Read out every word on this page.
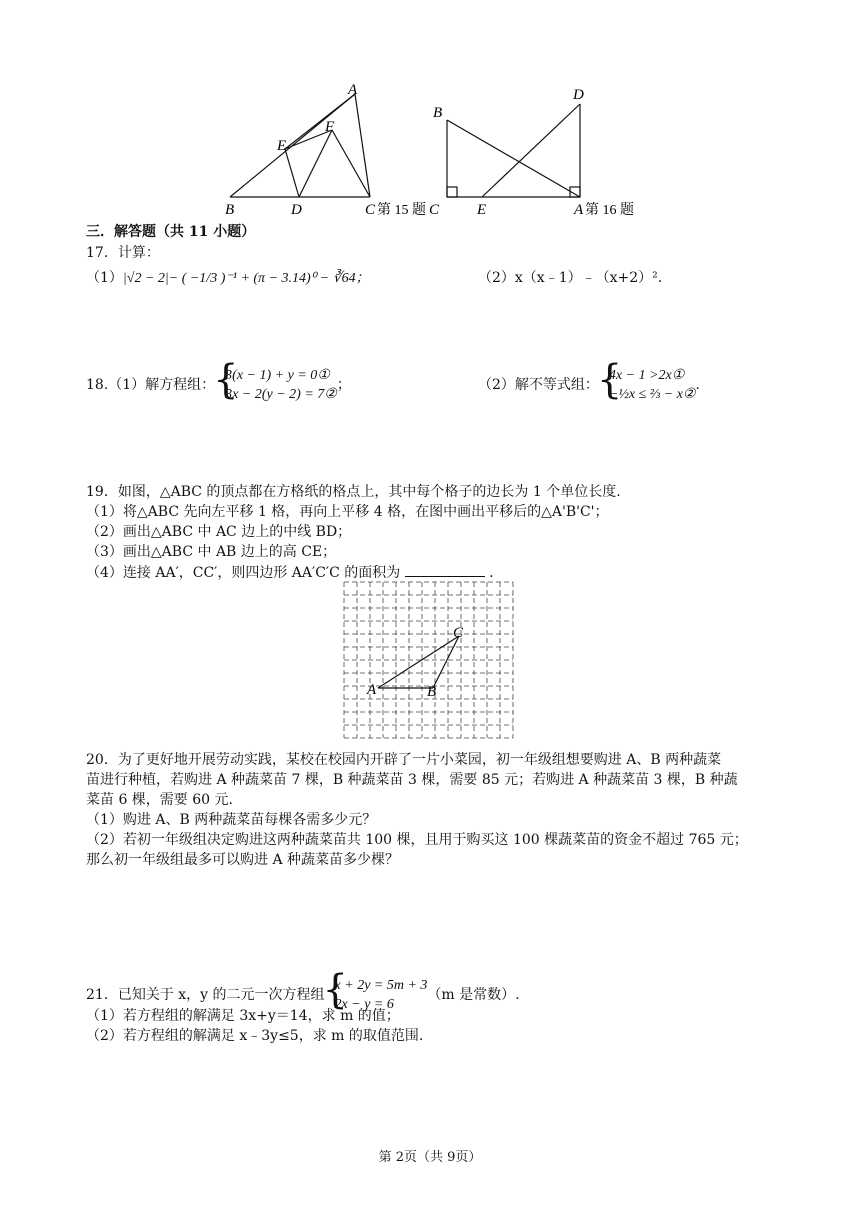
A
F
E
B	D	C 第 15 题
D
B
C	E	A 第 16 题
三．解答题（共 11 小题）
17．计算：
（1）|√2 − 2|− ( −1/3 )⁻¹ + (π − 3.14)⁰ − ∛64；	（2）x（x﹣1）﹣（x+2）².
18.（1）解方程组：
{
3(x − 1) + y = 0①
3x − 2(y − 2) = 7②
；	（2）解不等式组：
{
4x − 1 >2x①
−½x ≤ ⅔ − x②
.
19．如图，△ABC 的顶点都在方格纸的格点上，其中每个格子的边长为 1 个单位长度.
（1）将△ABC 先向左平移 1 格，再向上平移 4 格，在图中画出平移后的△A'B'C'；
（2）画出△ABC 中 AC 边上的中线 BD；
（3）画出△ABC 中 AB 边上的高 CE；
（4）连接 AA′，CC′，则四边形 AA′C′C 的面积为	.
A	B
C
20．为了更好地开展劳动实践，某校在校园内开辟了一片小菜园，初一年级组想要购进 A、B 两种蔬菜
苗进行种植，若购进 A 种蔬菜苗 7 棵，B 种蔬菜苗 3 棵，需要 85 元；若购进 A 种蔬菜苗 3 棵，B 种蔬
菜苗 6 棵，需要 60 元.
（1）购进 A、B 两种蔬菜苗每棵各需多少元？
（2）若初一年级组决定购进这两种蔬菜苗共 100 棵，且用于购买这 100 棵蔬菜苗的资金不超过 765 元；
那么初一年级组最多可以购进 A 种蔬菜苗多少棵？
21．已知关于 x，y 的二元一次方程组
{
x + 2y = 5m + 3
2x − y = 6
（m 是常数）.
（1）若方程组的解满足 3x+y＝14，求 m 的值；
（2）若方程组的解满足 x﹣3y≤5，求 m 的取值范围.
第 2页（共 9页）
